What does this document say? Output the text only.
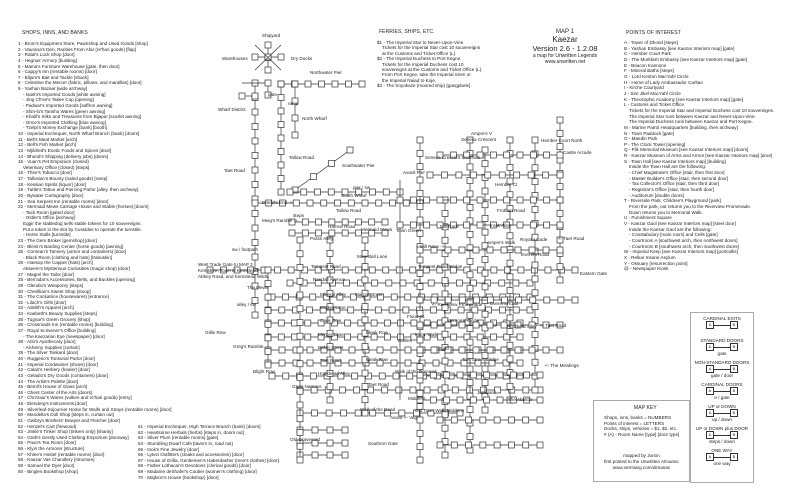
SHOPS, INNS, AND BANKS
1 - Brom's Equipment Store, Pawnshop and Used Goods [shop]
2 - Vaurana's Den, Rarities From Afar (re'hari goods) [flap]
3 - Ratal's Lock Shop [door]
4 - Hegnus' Armory [building]
5 - Mama's Furniture Warehouse [gate, then door]
6 - Cappy's Inn (rentable rooms) [door]
7 - Biljum's Bait and Tackle [shack]
8 - Celestine the Mercer (fabric, pillows, and mantillas) [door]
9 - Yashan Bazaar [wide archway]
- Isashi's Imported Goods [white awning]
- Jing Ch'ee's Takee Cup [opening]
- Padwar's Imported Goods [saffron awning]
- Shin-lo's Tanshu Wares [green awning]
- Khalil's Silks and Treasures from Bijapur [scarlet awning]
- Once's Imported Clothing [blue awning]
- Tzelpi's Money Exchange [bank] [booth]
10 - Imperial Exchequer, North Wharf Branch (bank) [doors]
11 - Bell's Meat Market [arch]
12 - Bell's Fish Market [arch]
13 - Mjildred's Exotic Foods and Spices [door]
14 - Bhond's Shipping (delivery jobs) [doors]
15 - Vuan's Pet Emporium (closed)
Veterinary Office (closed) [steps]
16 - Thire's Tobacco [door]
17 - Tallosian's Bounty (naled goods) [ramp]
18 - Kessian Spirits (liquor) [door]
19 - Tuttle's Tattoo and Piercing Parlor [alley, then archway]
20 - Bywater Cartography [door]
21 - Sea Serpent Inn (rentable rooms) [door]
22 - Mermaid Mews Carriage House and Stable (horses) [doors]
- Tack Room [gated door]
- Ostler's Office [archway]
Eggir the stabledog sells stable tokens for 10 souvereigns.
Put a token in the slot by Cussidee to operate the turnstile.
- Horse Stalls [turnstile]
23 - The Gem Broker [gemshop] [door]
24 - Blevin's Barding Center (horse goods) [awning]
25 - Conrean's Tannery (armor and containers) [door]
- Black Room (clothing and hats) [trabuskin]
26 - Haesop the Capper (hats) [arch]
Akseem's Mysterious Curiosities (magic shop) [door]
27 - Magrel the Tailor [door]
28 - Ben'adar's Accessories, Belts, and Buckles [opening]
29 - Olendio's Weaponry [steps]
30 - Cherillian's Sweet Shop [stoop]
31 - The Cockatrice (housewares) [entrance]
32 - Lilach's Gifts [door]
33 - Adelith's Apparel [arch]
34 - Kaebeth's Beauty Supplies [steps]
35 - Tugnar's Green Grocery [shop]
36 - Crossroads Inn (rentable rooms) [building]
37 - Royal Scrivener's Office [building]
- The Kaezarian Eye (newspaper) [door]
38 - Arlo's Apothecary [door]
- Alchemy Supplies [curtain]
39 - The Silver Tankard [door]
40 - Ruggerio's Tonsorial Parlor [door]
41 - Imperial Cordwainer (shoes) [door]
42 - Calan's Herbery (healer) [door]
43 - Geladio's Dry Goods (containers) [door]
44 - The Artist's Palette [door]
45 - Bemil's House of Glass [arch]
46 - Ghent Center of the Arts [doors]
47 - Chrzzaur's Wares (vulken and re'hari goods) [entry]
48 - Elenderg's Instruments [door]
49 - Silverleaf-Sojourner Home for Waifs and Strays (rentable rooms) [door]
50 - Mandella's Doll Shop [steps in, curtain out]
51 - Gwibryn Brothers' Bowyer and Fletcher [door]
52 - Henzel's Cart (firewood)
53 - Jinkle's Tinker Shop (tinkers only) [shanty]
54 - Greb's Gently Used Clothing Emporium [doorway]
55 - Pavo's Tea Room [door]
56 - Klyin the Armorer [structure]
57 - Khlee's Hostel (rentable rooms) [door]
58 - Kaezar Vas Chandlery [structure]
59 - Samuel the Dyer [door]
60 - Bingles Bookshop [shop]
61 - Imperial Exchequer, High Terrace Branch (bank) [doors]
62 - Heartsome Herbals (herbs) [steps in, doors out]
63 - Silver Plum (rentable rooms) [gate]
64 - Stumbling Dwarf Cafe [tavern in, road out]
65 - Inok's Fine Jewelry [door]
66 - Lytvin Outfitters (cloaks and accessories) [door]
67 - House of Grilla, Gentlemen's Haberdasher (men's clothes) [door]
68 - Father Lothacan's Devotions (clerical goods) [door]
69 - Madame deShafer's Coutier (women's clothing) [door]
70 - Majkron's House (bookshop) [door]
FERRIES, SHIPS, ETC.
$1 - The Imperial Star to Never-Upon-Vine.
Tickets for the Imperial Star cost 10 souvereigns
at the Customs and Ticket Office (L).
$2 - The Imperial Duchess to Port Kegne.
Tickets for the Imperial Duchess cost 10
souvereigns at the Customs and Ticket Office (L).
From Port Kegne, take the Imperial Siren or
the Imperial Naiad to Koje.
$3 - The Soyokaze (moored ship) [gangplank]
MAP 1
Kaezar
Version 2.6 - 1.2.08
a map for Unwritten Legends
www.unwritten.net
POINTS OF INTEREST
A - Tower of Dhond [steps]
B - Yashan Embassy [see Kaezar Interiors map] [gate]
C - Hember Court Park
D - The Murkkish Embassy [see Kaezar Interiors map] [gate]
E - Beacon Kannone
F - Mineral Baths [steps]
G - Lord Kenton MacYahl Circle
H - Home of Lady Ambassador Carltao
I - Kirche Courtyard
J - Sire Jikel MacYahl Circle
K - Theosophic Academy [see Kaezar Interiors map] [gate]
L - Customs and Ticket Office
Tickets for the Imperial Star and Imperial Duchess cost 10 souvereigns.
The Imperial Star runs between Kaezar and Never-Upon-Vine.
The Imperial Duchess runs between Kaezar and Port Kegne.
M - Marine Patrol Headquarters [building, then archway]
N - Town Paddock [gate]
O - Maedin Park
P - The Clock Tower [opening]
Q - Filk Memorial Museum [see Kaezar Interiors map] [doors]
R - Kaezar Museum of Arms and Armor [see Kaezar Interiors map] [door]
S - Town Hall [see Kaezar Interiors map] [building]
Inside the Town Hall are the following:
- Chief Magistrate's Office [stair, then first door]
- Master Builder's Office [stair, then second door]
- Tax Collector's Office [stair, then third door]
- Registrar's Office [stair, then fourth door]
- Auditorium [double doors]
T - Riverside Park, Children's Playground [park]
From the park, out returns you to the Riverview Promenade.
Down returns you to Memorial Walk.
U - Punishment Square
V - Kaezar Gaol [see Kaezar Interiors map] [steel door]
Inside the Kaezar Gaol are the following:
- Constabulary [main room] and Cells [gate]
- Courtroom A [southwest arch, then northwest doors]
- Courtroom B [southwest arch, then southwest doors]
W - Imperial Keep [see Kaezar Interiors map] [portcullis]
X - Relkar Insane Asylum
Y - Ossuary [resurrection point]
@ - Newspaper Kiosk
MAP KEY
Shops, inns, banks = NUMBERS
Points of interest = LETTERS
Docks, ships, vehicles = $1, $2, etc.
# (A) - Room Name [type] [door type]
mapped by Jurion
first posted to the Unwritten Almanac
www.vermiarg.com/almanac
CARDINAL EXITS
A	B
STANDARD DOORS
A	B
gate
NON-STANDARD DOORS
A	B
gate / door
CARDINAL DOORS
A	B
e / gate
UP or DOWN
A	B
up / down
UP or DOWN plus DOOR
A	B
steps / down
ONE WAY
A	B
one way
Shipyard
Warehouses	Dry Docks
Northwater Pier
Wharf District
North Wharf
Tallow Road
Taet Road
Southwater Pier
South Wharf
Dredd's End ->
Meig's Ramble ->
Tallow Road
Harrow Road
Paran Alley
Mermaid Mews
Avanil Pier
Town Green
Seneca Crescent
Seneca Crescent Overlook ->
Ampre's V
Hember Court North
Castle Arcade
Hember Ct
Frothen Road
Inrak Alley
Mill Race
Mill Race ->
Ampre's Walk
Royal Arcade
Everent Road
Tempest Road Bridge
Eastern Gate
<- Taet Road
West Trade Gate to MAP 2
Kemshire, Town of Kemstead,
Abbey Road, and Kemstead Wilds.
The Mews
alley / sw
Gillie Row
Greg's Ramble
Blight Row
Tempest Road
Randall Avenue
Marestall Lane
Mineral Alley Marcal Street
Walker Lane
Cook Row
Mercer Lane	Bleak Row
Baker Street
Bleak Row
Taet Road
Hogshead Alley
Grym Narrows	Taet Road
Walk of the Dead
Old Graveyard
Southron Gate
<- Riverview Promenade
Flood St.
Memorial Circle
Mem. Walk
Cullins
Pudd
Taet Street Bridge
Everent Road
Hoofbeat Alley <- Taet Road
<- The Mewlings
Walk of the Damned
Middens
Junkyard
The Abattoir
Old Town Wall, Middens
Avanil <- Vag
sw / footpath
steps
pier / sw
gate
ramp
